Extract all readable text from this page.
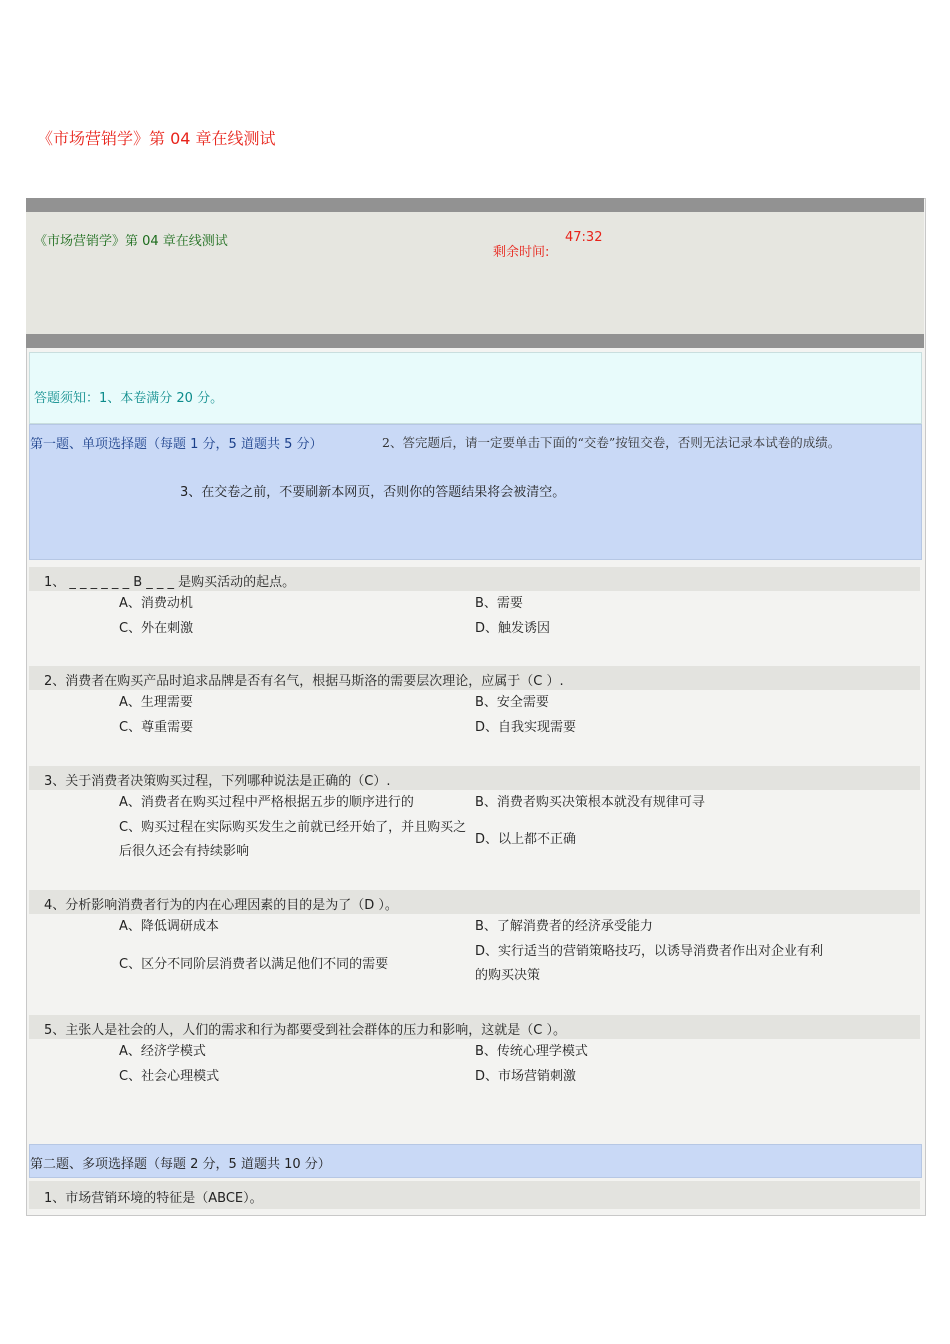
《市场营销学》第 04 章在线测试
《市场营销学》第 04 章在线测试
剩余时间:
47:32
答题须知：1、本卷满分 20 分。
第一题、单项选择题（每题 1 分，5 道题共 5 分）	2、答完题后，请一定要单击下面的“交卷”按钮交卷，否则无法记录本试卷的成绩。
3、在交卷之前，不要刷新本网页，否则你的答题结果将会被清空。
1、 _ _ _ _ _ _ B _ _ _ 是购买活动的起点。
A、消费动机	B、需要
C、外在刺激	D、触发诱因
2、消费者在购买产品时追求品牌是否有名气，根据马斯洛的需要层次理论，应属于（C ）.
A、生理需要	B、安全需要
C、尊重需要	D、自我实现需要
3、关于消费者决策购买过程，下列哪种说法是正确的（C）.
A、消费者在购买过程中严格根据五步的顺序进行的	B、消费者购买决策根本就没有规律可寻
C、购买过程在实际购买发生之前就已经开始了，并且购买之后很久还会有持续影响
D、以上都不正确
4、分析影响消费者行为的内在心理因素的目的是为了（D ）。
A、降低调研成本	B、了解消费者的经济承受能力
C、区分不同阶层消费者以满足他们不同的需要
D、实行适当的营销策略技巧，以诱导消费者作出对企业有利的购买决策
5、主张人是社会的人，人们的需求和行为都要受到社会群体的压力和影响，这就是（C ）。
A、经济学模式	B、传统心理学模式
C、社会心理模式	D、市场营销刺激
第二题、多项选择题（每题 2 分，5 道题共 10 分）
1、市场营销环境的特征是（ABCE）。
